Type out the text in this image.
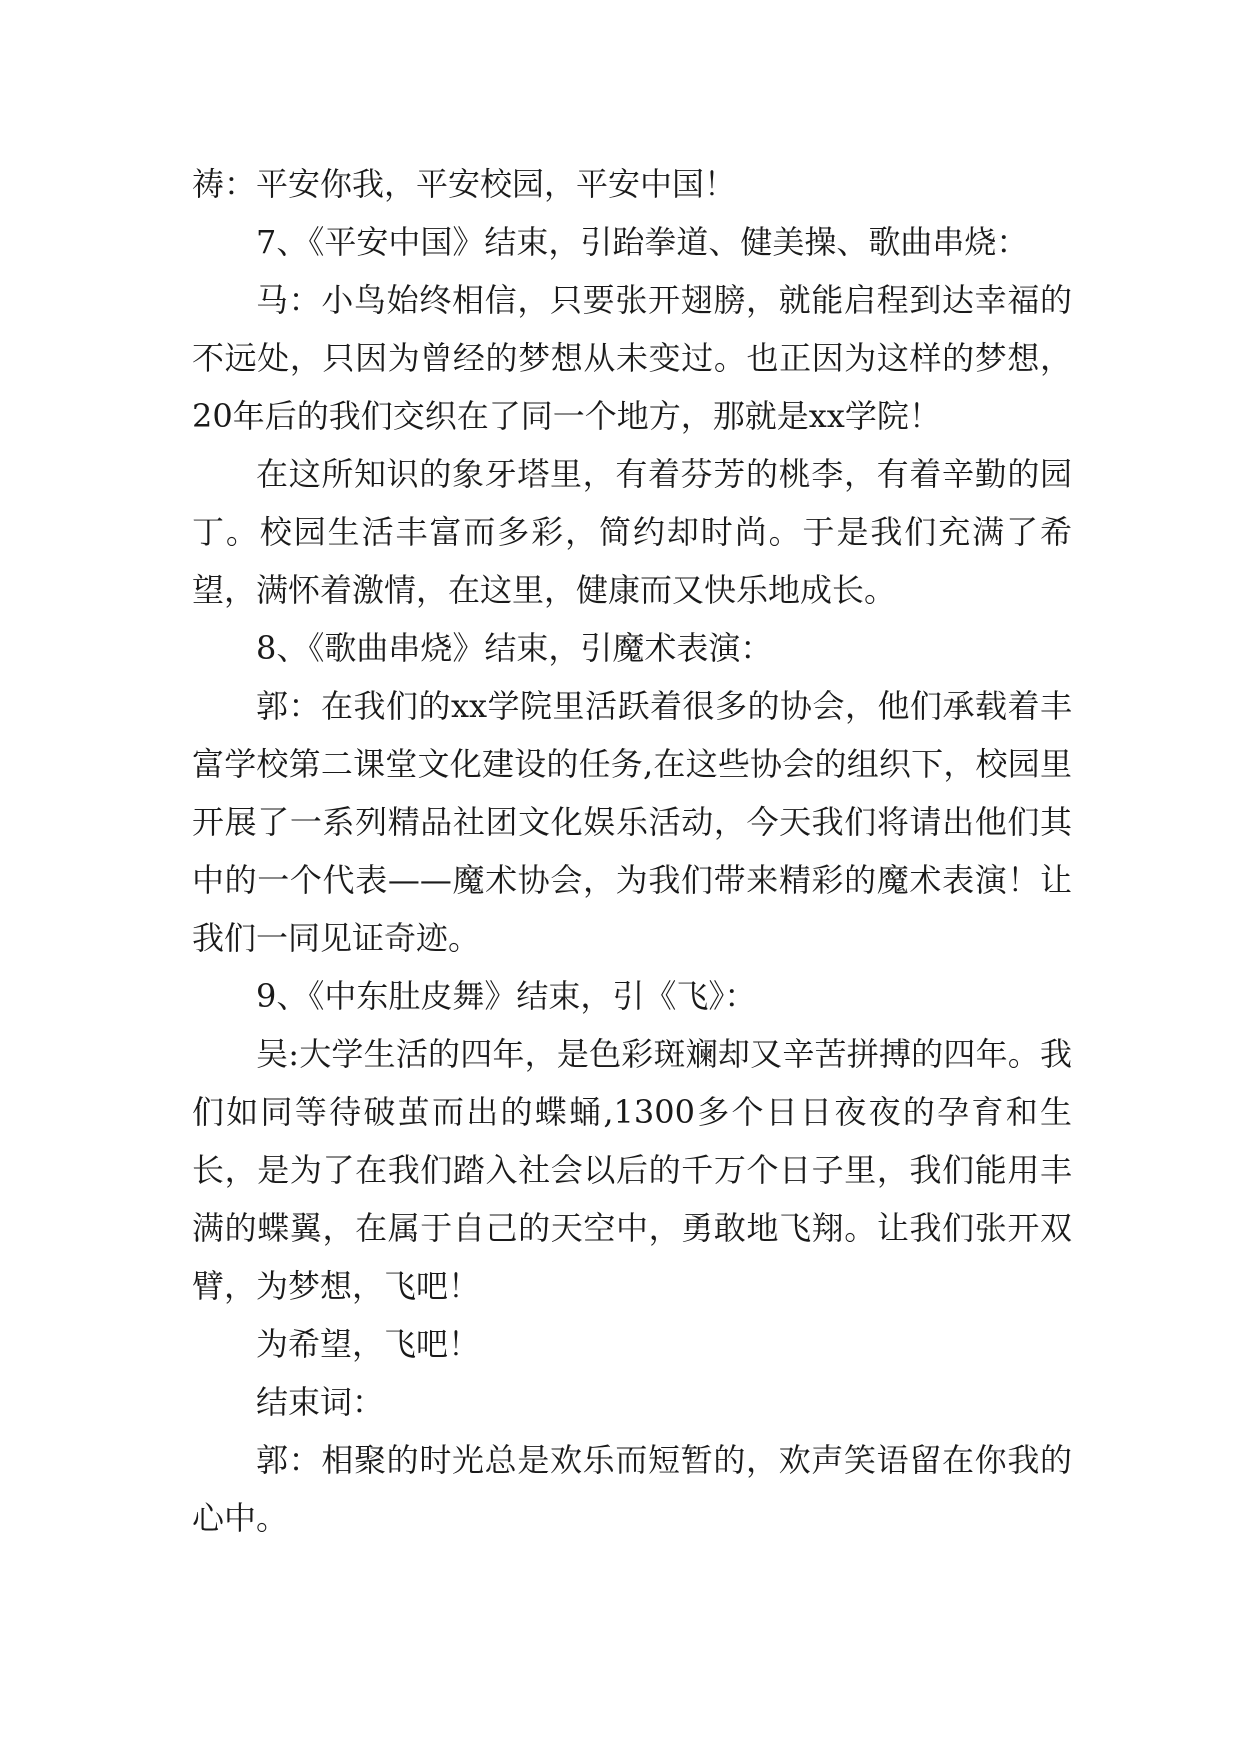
祷：平安你我，平安校园，平安中国！

7、《平安中国》结束，引跆拳道、健美操、歌曲串烧：

马：小鸟始终相信，只要张开翅膀，就能启程到达幸福的不远处，只因为曾经的梦想从未变过。也正因为这样的梦想，20年后的我们交织在了同一个地方，那就是xx学院！

在这所知识的象牙塔里，有着芬芳的桃李，有着辛勤的园丁。校园生活丰富而多彩，简约却时尚。于是我们充满了希望，满怀着激情，在这里，健康而又快乐地成长。

8、《歌曲串烧》结束，引魔术表演：

郭：在我们的xx学院里活跃着很多的协会，他们承载着丰富学校第二课堂文化建设的任务,在这些协会的组织下，校园里开展了一系列精品社团文化娱乐活动，今天我们将请出他们其中的一个代表——魔术协会，为我们带来精彩的魔术表演！让我们一同见证奇迹。

9、《中东肚皮舞》结束，引《飞》：

吴:大学生活的四年，是色彩斑斓却又辛苦拼搏的四年。我们如同等待破茧而出的蝶蛹,1300多个日日夜夜的孕育和生长，是为了在我们踏入社会以后的千万个日子里，我们能用丰满的蝶翼，在属于自己的天空中，勇敢地飞翔。让我们张开双臂，为梦想，飞吧！

为希望，飞吧！

结束词：

郭：相聚的时光总是欢乐而短暂的，欢声笑语留在你我的心中。
